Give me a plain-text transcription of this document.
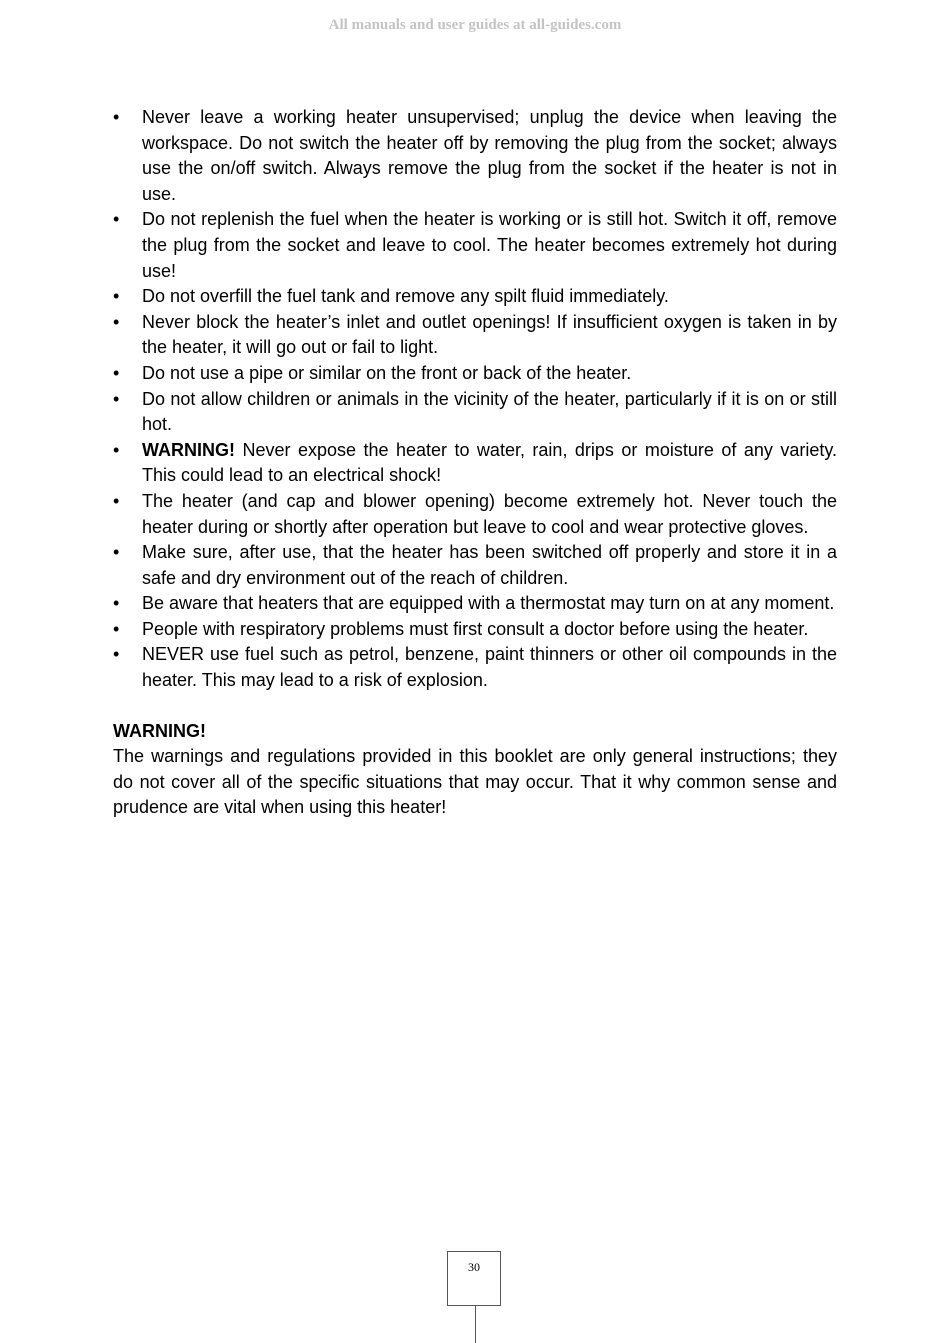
All manuals and user guides at all-guides.com
• Never leave a working heater unsupervised; unplug the device when leaving the workspace. Do not switch the heater off by removing the plug from the socket; always use the on/off switch. Always remove the plug from the socket if the heater is not in use.
• Do not replenish the fuel when the heater is working or is still hot. Switch it off, remove the plug from the socket and leave to cool. The heater becomes extremely hot during use!
• Do not overfill the fuel tank and remove any spilt fluid immediately.
• Never block the heater’s inlet and outlet openings! If insufficient oxygen is taken in by the heater, it will go out or fail to light.
• Do not use a pipe or similar on the front or back of the heater.
• Do not allow children or animals in the vicinity of the heater, particularly if it is on or still hot.
• WARNING! Never expose the heater to water, rain, drips or moisture of any variety. This could lead to an electrical shock!
• The heater (and cap and blower opening) become extremely hot. Never touch the heater during or shortly after operation but leave to cool and wear protective gloves.
• Make sure, after use, that the heater has been switched off properly and store it in a safe and dry environment out of the reach of children.
• Be aware that heaters that are equipped with a thermostat may turn on at any moment.
• People with respiratory problems must first consult a doctor before using the heater.
• NEVER use fuel such as petrol, benzene, paint thinners or other oil compounds in the heater. This may lead to a risk of explosion.
WARNING!
The warnings and regulations provided in this booklet are only general instructions; they do not cover all of the specific situations that may occur. That it why common sense and prudence are vital when using this heater!
30
